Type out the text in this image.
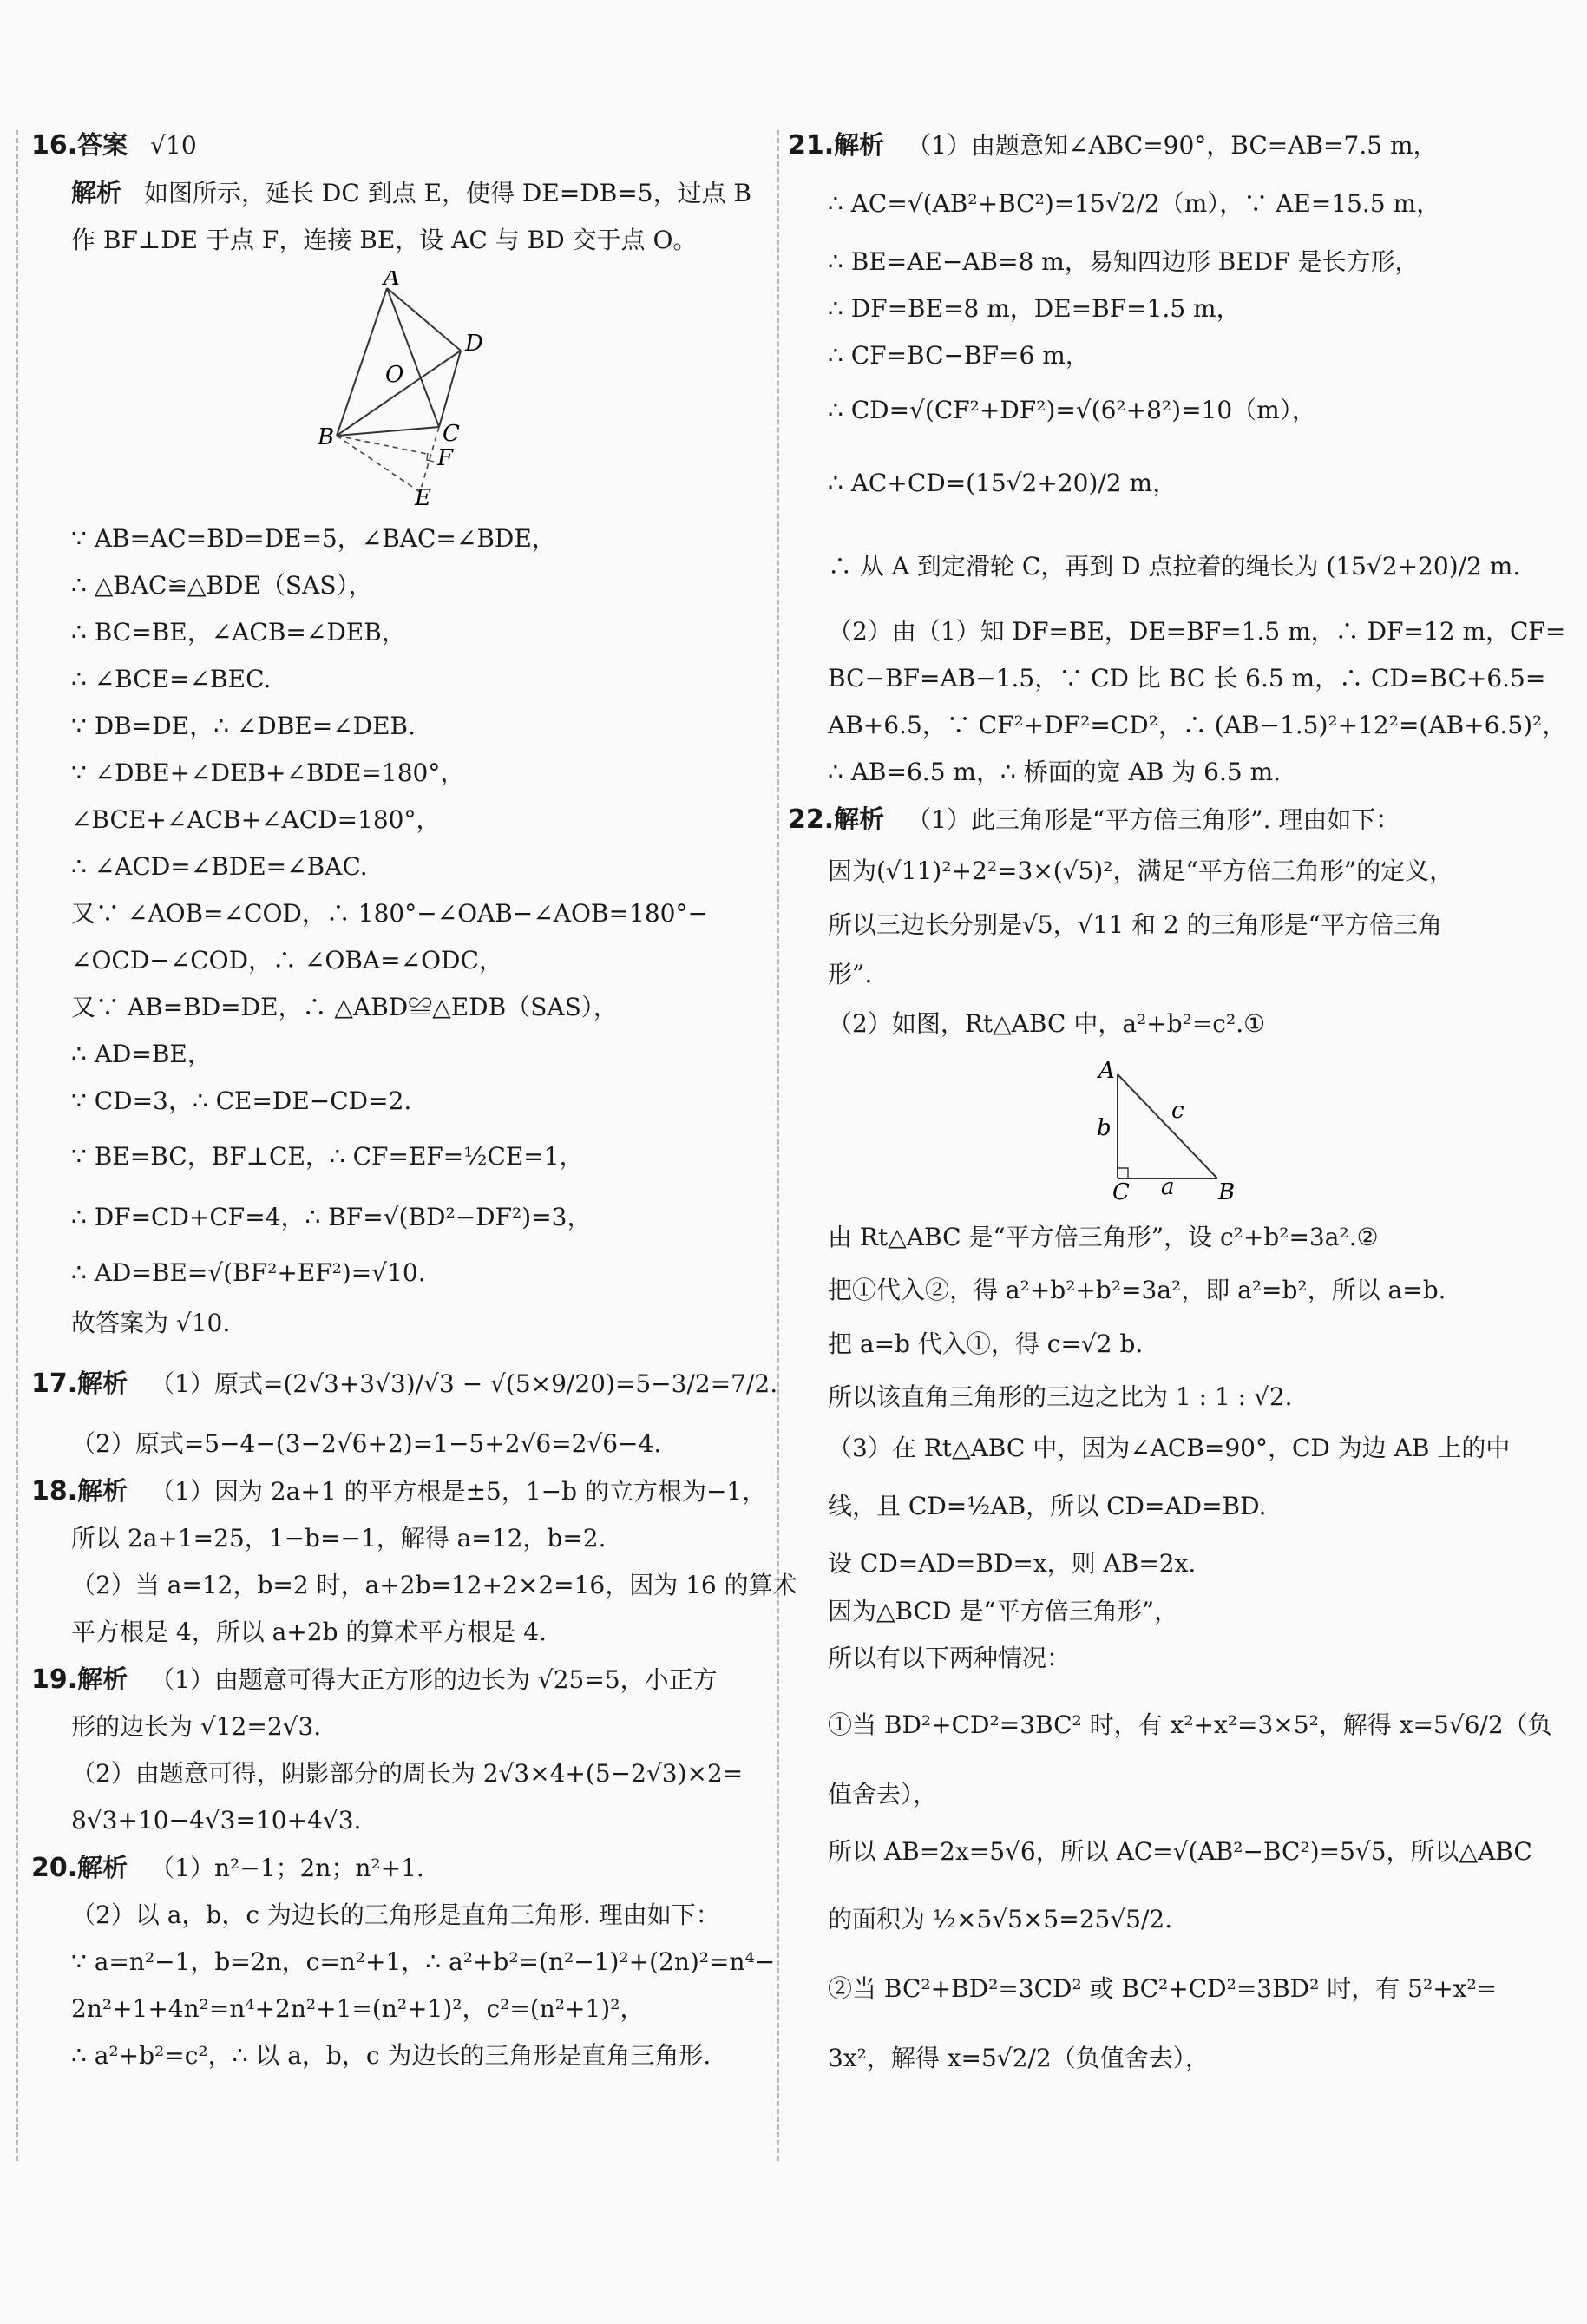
16.答案 √10
解析 如图所示，延长 DC 到点 E，使得 DE=DB=5，过点 B
作 BF⊥DE 于点 F，连接 BE，设 AC 与 BD 交于点 O。
A
D
O
B	C
F
E
∵ AB=AC=BD=DE=5，∠BAC=∠BDE，
∴ △BAC≌△BDE（SAS），
∴ BC=BE，∠ACB=∠DEB，
∴ ∠BCE=∠BEC.
∵ DB=DE，∴ ∠DBE=∠DEB.
∵ ∠DBE+∠DEB+∠BDE=180°，
∠BCE+∠ACB+∠ACD=180°，
∴ ∠ACD=∠BDE=∠BAC.
又∵ ∠AOB=∠COD，∴ 180°−∠OAB−∠AOB=180°−
∠OCD−∠COD，∴ ∠OBA=∠ODC，
又∵ AB=BD=DE，∴ △ABD≌△EDB（SAS），
∴ AD=BE，
∵ CD=3，∴ CE=DE−CD=2.
∵ BE=BC，BF⊥CE，∴ CF=EF=½CE=1，
∴ DF=CD+CF=4，∴ BF=√(BD²−DF²)=3，
∴ AD=BE=√(BF²+EF²)=√10.
故答案为 √10.
17.解析 （1）原式=(2√3+3√3)/√3 − √(5×9/20)=5−3/2=7/2.
（2）原式=5−4−(3−2√6+2)=1−5+2√6=2√6−4.
18.解析 （1）因为 2a+1 的平方根是±5，1−b 的立方根为−1，
所以 2a+1=25，1−b=−1，解得 a=12，b=2.
（2）当 a=12，b=2 时，a+2b=12+2×2=16，因为 16 的算术
平方根是 4，所以 a+2b 的算术平方根是 4.
19.解析 （1）由题意可得大正方形的边长为 √25=5，小正方
形的边长为 √12=2√3.
（2）由题意可得，阴影部分的周长为 2√3×4+(5−2√3)×2=
8√3+10−4√3=10+4√3.
20.解析 （1）n²−1；2n；n²+1.
（2）以 a，b，c 为边长的三角形是直角三角形. 理由如下：
∵ a=n²−1，b=2n，c=n²+1，∴ a²+b²=(n²−1)²+(2n)²=n⁴−
2n²+1+4n²=n⁴+2n²+1=(n²+1)²，c²=(n²+1)²，
∴ a²+b²=c²，∴ 以 a，b，c 为边长的三角形是直角三角形.
21.解析 （1）由题意知∠ABC=90°，BC=AB=7.5 m，
∴ AC=√(AB²+BC²)=15√2/2（m），∵ AE=15.5 m，
∴ BE=AE−AB=8 m，易知四边形 BEDF 是长方形，
∴ DF=BE=8 m，DE=BF=1.5 m，
∴ CF=BC−BF=6 m，
∴ CD=√(CF²+DF²)=√(6²+8²)=10（m），
∴ AC+CD=(15√2+20)/2 m，
∴ 从 A 到定滑轮 C，再到 D 点拉着的绳长为 (15√2+20)/2 m.
（2）由（1）知 DF=BE，DE=BF=1.5 m，∴ DF=12 m，CF=
BC−BF=AB−1.5，∵ CD 比 BC 长 6.5 m，∴ CD=BC+6.5=
AB+6.5，∵ CF²+DF²=CD²，∴ (AB−1.5)²+12²=(AB+6.5)²，
∴ AB=6.5 m，∴ 桥面的宽 AB 为 6.5 m.
22.解析 （1）此三角形是“平方倍三角形”. 理由如下：
因为(√11)²+2²=3×(√5)²，满足“平方倍三角形”的定义，
所以三边长分别是√5，√11 和 2 的三角形是“平方倍三角
形”.
（2）如图，Rt△ABC 中，a²+b²=c².①
A
b
c
C a B
由 Rt△ABC 是“平方倍三角形”，设 c²+b²=3a².②
把①代入②，得 a²+b²+b²=3a²，即 a²=b²，所以 a=b.
把 a=b 代入①，得 c=√2 b.
所以该直角三角形的三边之比为 1 : 1 : √2.
（3）在 Rt△ABC 中，因为∠ACB=90°，CD 为边 AB 上的中
线，且 CD=½AB，所以 CD=AD=BD.
设 CD=AD=BD=x，则 AB=2x.
因为△BCD 是“平方倍三角形”，
所以有以下两种情况：
①当 BD²+CD²=3BC² 时，有 x²+x²=3×5²，解得 x=5√6/2（负
值舍去），
所以 AB=2x=5√6，所以 AC=√(AB²−BC²)=5√5，所以△ABC
的面积为 ½×5√5×5=25√5/2.
②当 BC²+BD²=3CD² 或 BC²+CD²=3BD² 时，有 5²+x²=
3x²，解得 x=5√2/2（负值舍去），
